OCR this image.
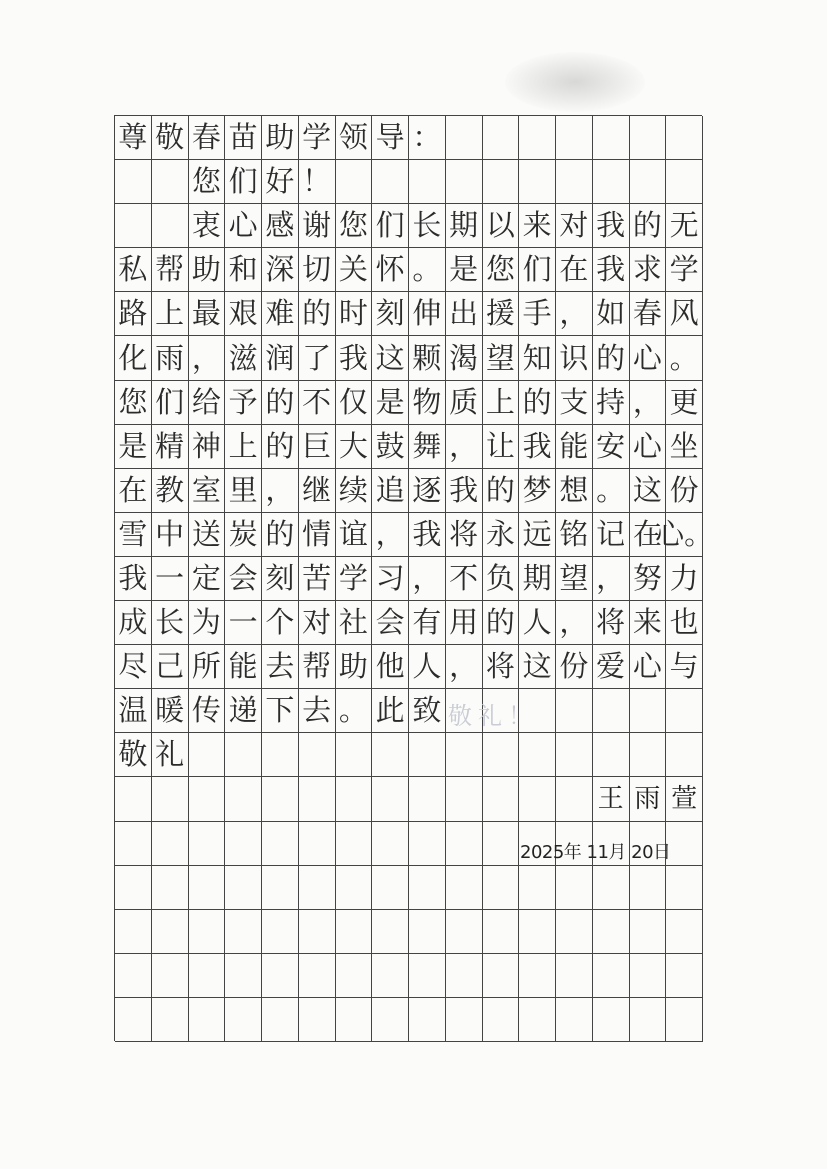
尊 敬 春 苗 助 学 领 导 ：
您 们 好 ！
衷 心 感 谢 您 们 长 期 以 来 对 我 的 无
私 帮 助 和 深 切 关 怀 。 是 您 们 在 我 求 学
路 上 最 艰 难 的 时 刻 伸 出 援 手 ， 如 春 风
化 雨 ， 滋 润 了 我 这 颗 渴 望 知 识 的 心 。
您 们 给 予 的 不 仅 是 物 质 上 的 支 持 ， 更
是 精 神 上 的 巨 大 鼓 舞 ， 让 我 能 安 心 坐
在 教 室 里 ， 继 续 追 逐 我 的 梦 想 。 这 份
雪 中 送 炭 的 情 谊 ， 我 将 永 远 铭 记 在
心。
我 一 定 会 刻 苦 学 习 ， 不 负 期 望 ， 努 力
成 长 为 一 个 对 社 会 有 用 的 人 ， 将 来 也
尽 己 所 能 去 帮 助 他 人 ， 将 这 份 爱 心 与
温 暖 传 递 下 去 。 此 致
敬 礼
王 雨 萱
敬礼！
2025年 11月 20日
